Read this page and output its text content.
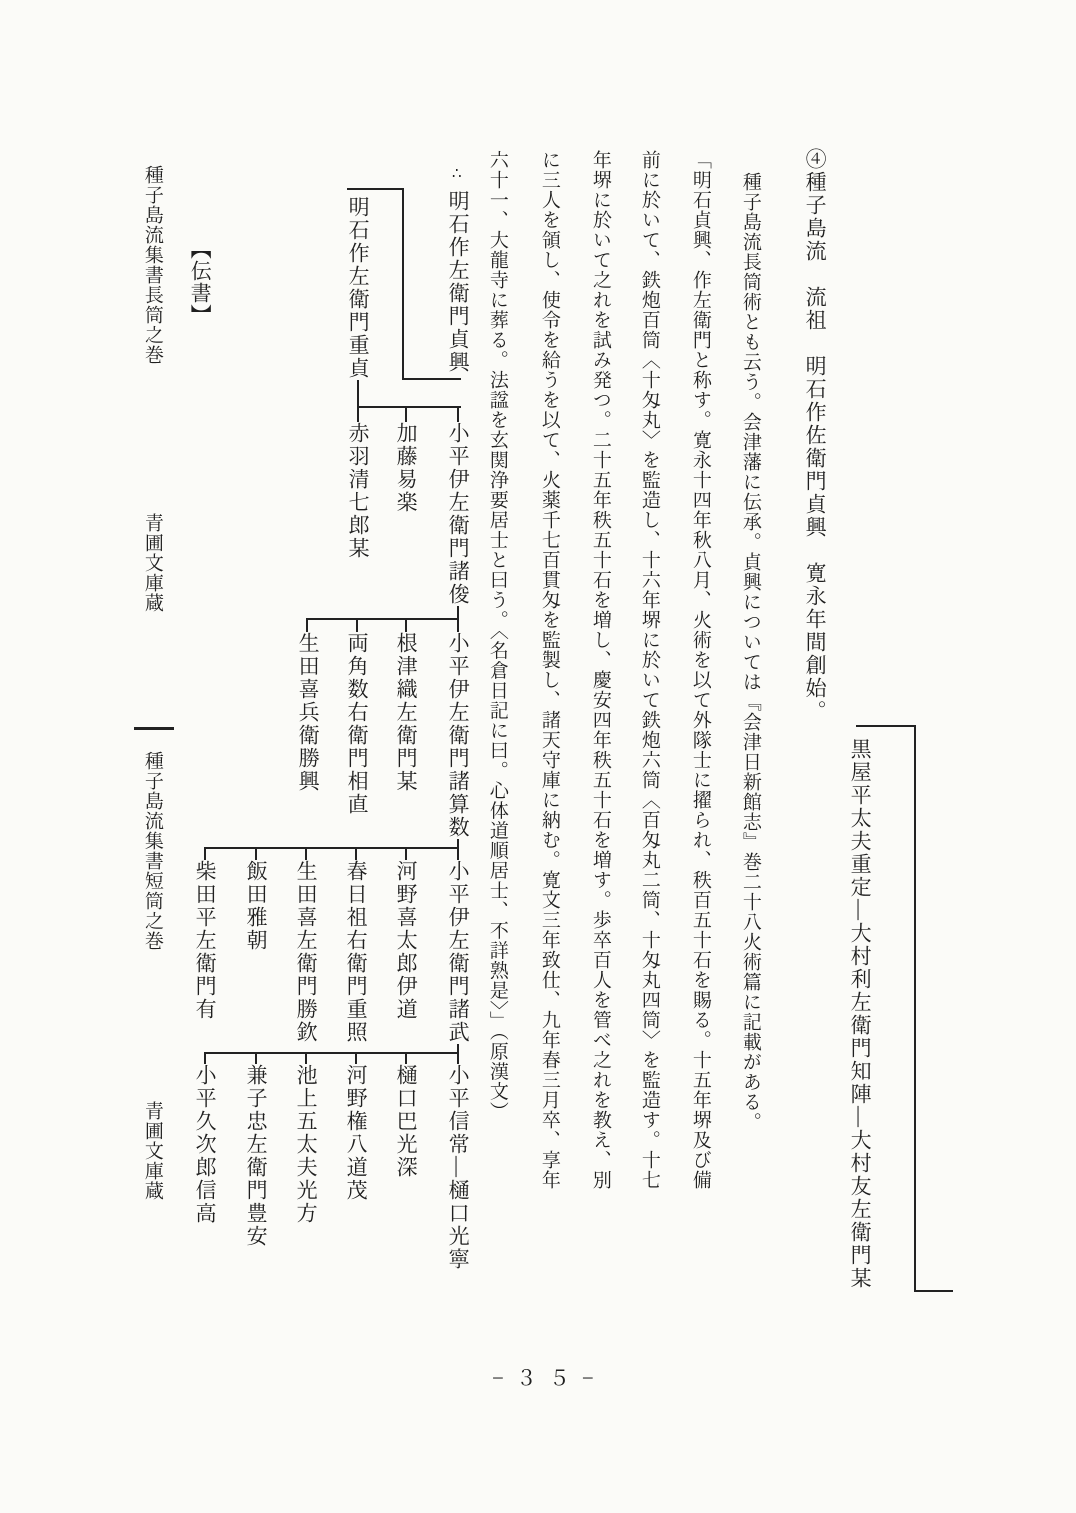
④種子島流　流祖　明石作佐衛門貞興　寛永年間創始。
　種子島流長筒術とも云う。会津藩に伝承。貞興については『会津日新館志』巻二十八火術篇に記載がある。
「明石貞興、作左衛門と称す。寛永十四年秋八月、火術を以て外隊士に擢られ、秩百五十石を賜る。十五年堺及び備
前に於いて、鉄炮百筒〈十匁丸〉を監造し、十六年堺に於いて鉄炮六筒〈百匁丸二筒、十匁丸四筒〉を監造す。十七
年堺に於いて之れを試み発つ。二十五年秩五十石を増し、慶安四年秩五十石を増す。歩卒百人を管べ之れを教え、別
に三人を領し、使令を給うを以て、火薬千七百貫匁を監製し、諸天守庫に納む。寛文三年致仕、九年春三月卒、享年
六十一、大龍寺に葬る。法諡を玄関浄要居士と曰う。〈名倉日記に曰。心体道順居士、不詳熟是〉」（原漢文）	黒屋平太夫重定―大村利左衛門知陣―大村友左衛門某
∴
明石作左衛門貞興
明石作左衛門重貞
小平伊左衛門諸俊
加藤易楽
赤羽清七郎某
小平伊左衛門諸算数
根津織左衛門某
両角数右衛門相直
生田喜兵衛勝興
小平伊左衛門諸武
河野喜太郎伊道
春日祖右衛門重照
生田喜左衛門勝欽
飯田雅朝
柴田平左衛門有
小平信常―樋口光寧
樋口巴光深
河野権八道茂
池上五太夫光方
兼子忠左衛門豊安
小平久次郎信高
【伝書】
種子島流集書長筒之巻
青圃文庫蔵
種子島流集書短筒之巻
青圃文庫蔵
−３５−
